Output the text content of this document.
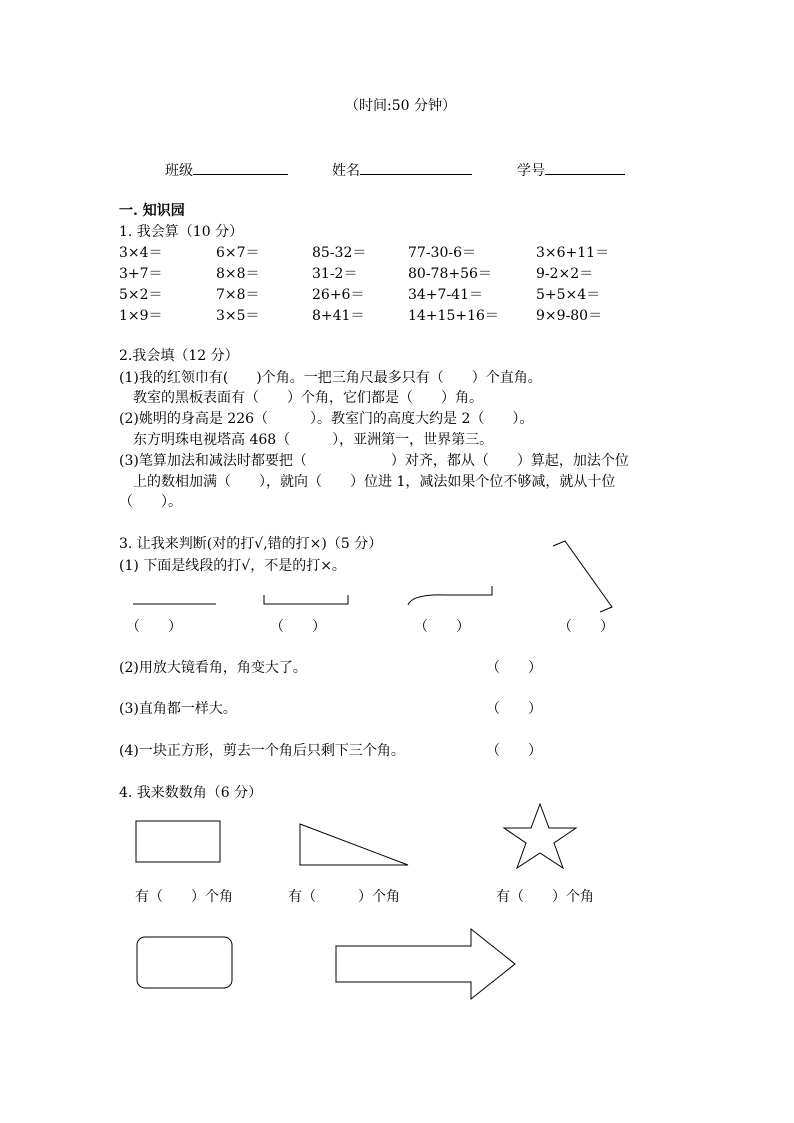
（时间:50 分钟）
班级	姓名	学号
一. 知识园
1. 我会算（10 分）
3×4＝	6×7＝	85-32＝	77-30-6＝	3×6+11＝
3+7＝	8×8＝	31-2＝	80-78+56＝	9-2×2＝
5×2＝	7×8＝	26+6＝	34+7-41＝	5+5×4＝
1×9＝	3×5＝	8+41＝	14+15+16＝	9×9-80＝
2.我会填（12 分）
(1)我的红领巾有(　　)个角。一把三角尺最多只有（　　）个直角。
　教室的黑板表面有（　　）个角，它们都是（　　）角。
(2)姚明的身高是 226（　　　）。教室门的高度大约是 2（　　）。
　东方明珠电视塔高 468（　　　），亚洲第一，世界第三。
(3)笔算加法和减法时都要把（　　　　　　）对齐，都从（　　）算起，加法个位
　上的数相加满（　　），就向（　　）位进 1，减法如果个位不够减，就从十位
（　　）。
3. 让我来判断(对的打√,错的打×)（5 分）
(1) 下面是线段的打√，不是的打×。
（　　）	（　　）	（　　）	（　　）
(2)用放大镜看角，角变大了。	（　　）
(3)直角都一样大。	（　　）
(4)一块正方形，剪去一个角后只剩下三个角。	（　　）
4. 我来数数角（6 分）
有（　　）个角	有（　　　）个角	有（　　）个角
